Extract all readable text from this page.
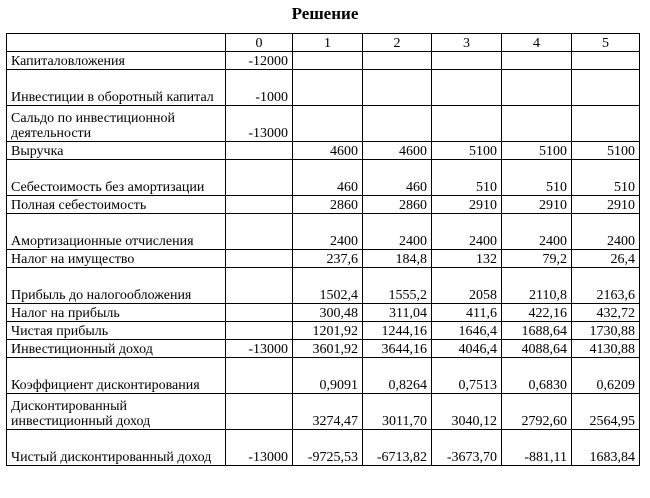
Решение
	0	1	2	3	4	5
Капиталовложения	-12000					
Инвестиции в оборотный капитал	-1000					
Сальдо по инвестиционной деятельности	-13000					
Выручка		4600	4600	5100	5100	5100
Себестоимость без амортизации		460	460	510	510	510
Полная себестоимость		2860	2860	2910	2910	2910
Амортизационные отчисления		2400	2400	2400	2400	2400
Налог на имущество		237,6	184,8	132	79,2	26,4
Прибыль до налогообложения		1502,4	1555,2	2058	2110,8	2163,6
Налог на прибыль		300,48	311,04	411,6	422,16	432,72
Чистая прибыль		1201,92	1244,16	1646,4	1688,64	1730,88
Инвестиционный доход	-13000	3601,92	3644,16	4046,4	4088,64	4130,88
Коэффициент дисконтирования		0,9091	0,8264	0,7513	0,6830	0,6209
Дисконтированный инвестиционный доход		3274,47	3011,70	3040,12	2792,60	2564,95
Чистый дисконтированный доход	-13000	-9725,53	-6713,82	-3673,70	-881,11	1683,84
